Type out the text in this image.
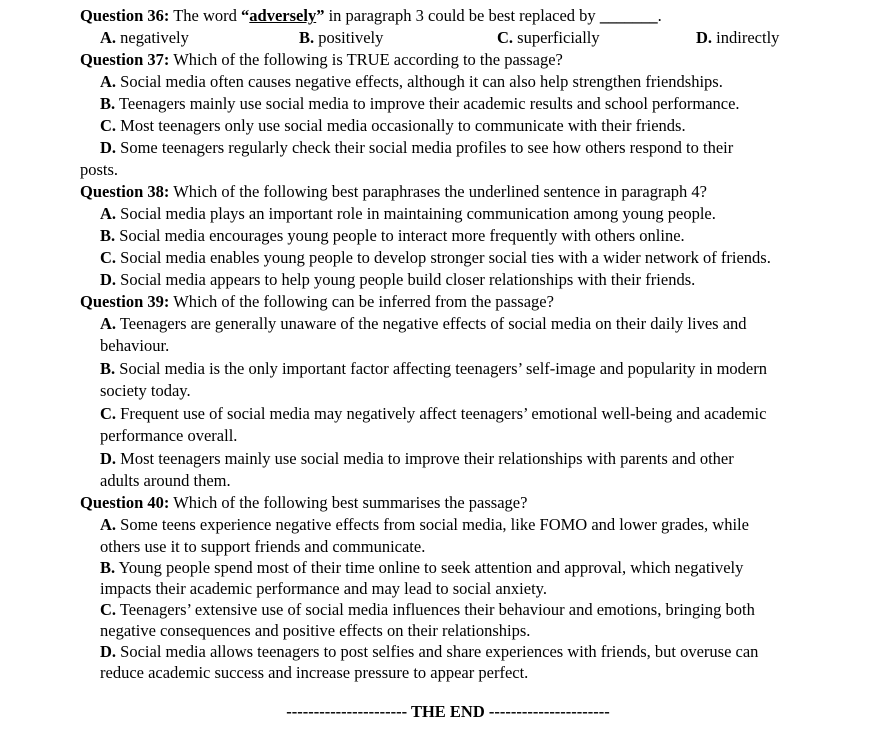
Question 36: The word “adversely” in paragraph 3 could be best replaced by _______.
A. negatively	B. positively	C. superficially	D. indirectly
Question 37: Which of the following is TRUE according to the passage?
A. Social media often causes negative effects, although it can also help strengthen friendships.
B. Teenagers mainly use social media to improve their academic results and school performance.
C. Most teenagers only use social media occasionally to communicate with their friends.
D. Some teenagers regularly check their social media profiles to see how others respond to their
posts.
Question 38: Which of the following best paraphrases the underlined sentence in paragraph 4?
A. Social media plays an important role in maintaining communication among young people.
B. Social media encourages young people to interact more frequently with others online.
C. Social media enables young people to develop stronger social ties with a wider network of friends.
D. Social media appears to help young people build closer relationships with their friends.
Question 39: Which of the following can be inferred from the passage?
A. Teenagers are generally unaware of the negative effects of social media on their daily lives and
behaviour.
B. Social media is the only important factor affecting teenagers’ self-image and popularity in modern
society today.
C. Frequent use of social media may negatively affect teenagers’ emotional well-being and academic
performance overall.
D. Most teenagers mainly use social media to improve their relationships with parents and other
adults around them.
Question 40: Which of the following best summarises the passage?
A. Some teens experience negative effects from social media, like FOMO and lower grades, while
others use it to support friends and communicate.
B. Young people spend most of their time online to seek attention and approval, which negatively
impacts their academic performance and may lead to social anxiety.
C. Teenagers’ extensive use of social media influences their behaviour and emotions, bringing both
negative consequences and positive effects on their relationships.
D. Social media allows teenagers to post selfies and share experiences with friends, but overuse can
reduce academic success and increase pressure to appear perfect.
---------------------- THE END ----------------------
